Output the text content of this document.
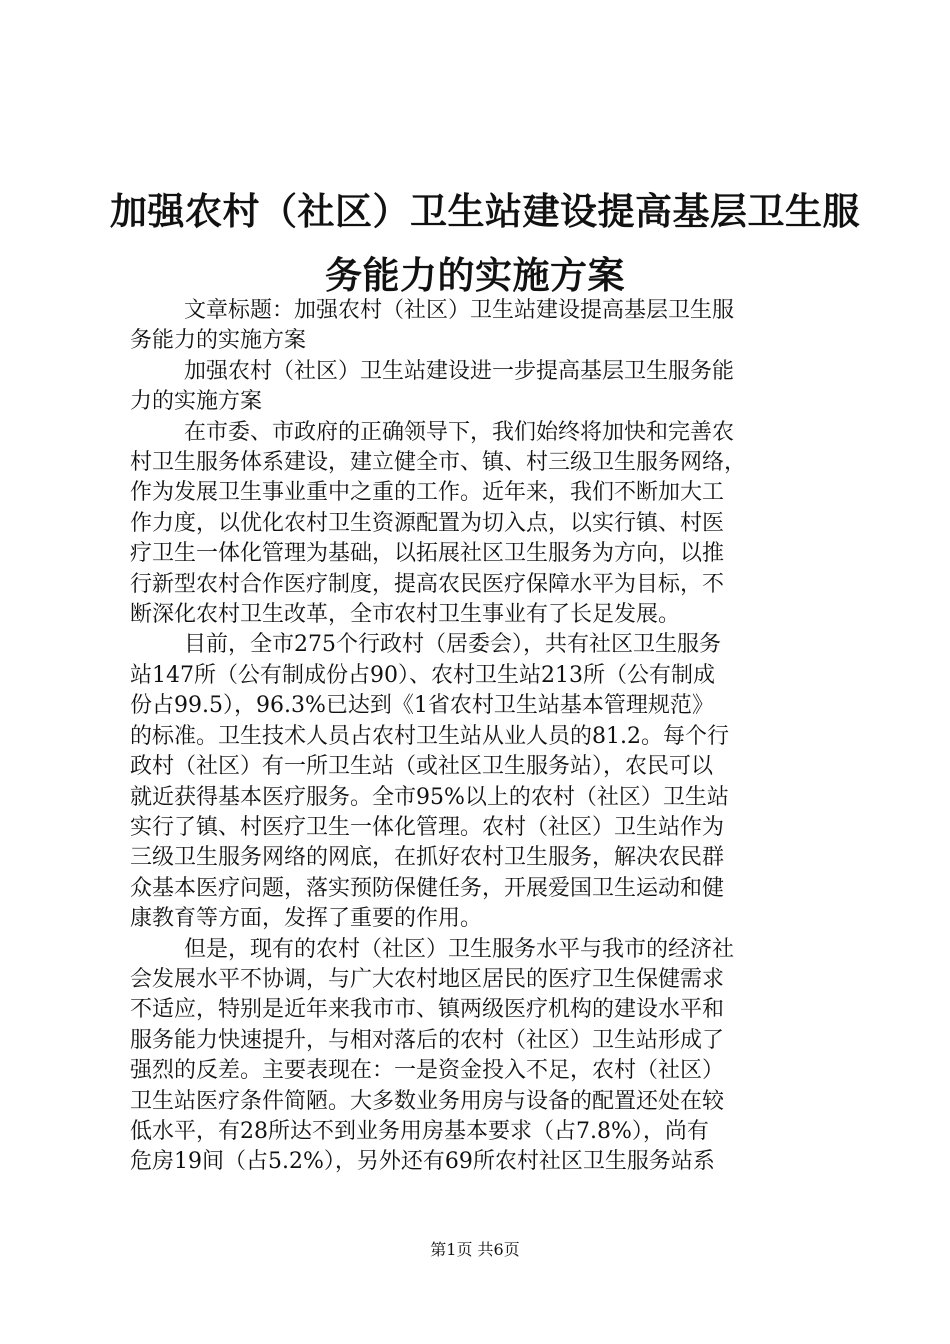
加强农村（社区）卫生站建设提高基层卫生服
务能力的实施方案

文章标题：加强农村（社区）卫生站建设提高基层卫生服
务能力的实施方案

加强农村（社区）卫生站建设进一步提高基层卫生服务能
力的实施方案

在市委、市政府的正确领导下，我们始终将加快和完善农
村卫生服务体系建设，建立健全市、镇、村三级卫生服务网络，
作为发展卫生事业重中之重的工作。近年来，我们不断加大工
作力度，以优化农村卫生资源配置为切入点，以实行镇、村医
疗卫生一体化管理为基础，以拓展社区卫生服务为方向，以推
行新型农村合作医疗制度，提高农民医疗保障水平为目标，不
断深化农村卫生改革，全市农村卫生事业有了长足发展。

目前，全市275个行政村（居委会），共有社区卫生服务
站147所（公有制成份占90）、农村卫生站213所（公有制成
份占99.5），96.3%已达到《1省农村卫生站基本管理规范》
的标准。卫生技术人员占农村卫生站从业人员的81.2。每个行
政村（社区）有一所卫生站（或社区卫生服务站），农民可以
就近获得基本医疗服务。全市95%以上的农村（社区）卫生站
实行了镇、村医疗卫生一体化管理。农村（社区）卫生站作为
三级卫生服务网络的网底，在抓好农村卫生服务，解决农民群
众基本医疗问题，落实预防保健任务，开展爱国卫生运动和健
康教育等方面，发挥了重要的作用。

但是，现有的农村（社区）卫生服务水平与我市的经济社
会发展水平不协调，与广大农村地区居民的医疗卫生保健需求
不适应，特别是近年来我市市、镇两级医疗机构的建设水平和
服务能力快速提升，与相对落后的农村（社区）卫生站形成了
强烈的反差。主要表现在：一是资金投入不足，农村（社区）
卫生站医疗条件简陋。大多数业务用房与设备的配置还处在较
低水平，有28所达不到业务用房基本要求（占7.8%），尚有
危房19间（占5.2%），另外还有69所农村社区卫生服务站系

第1页 共6页
